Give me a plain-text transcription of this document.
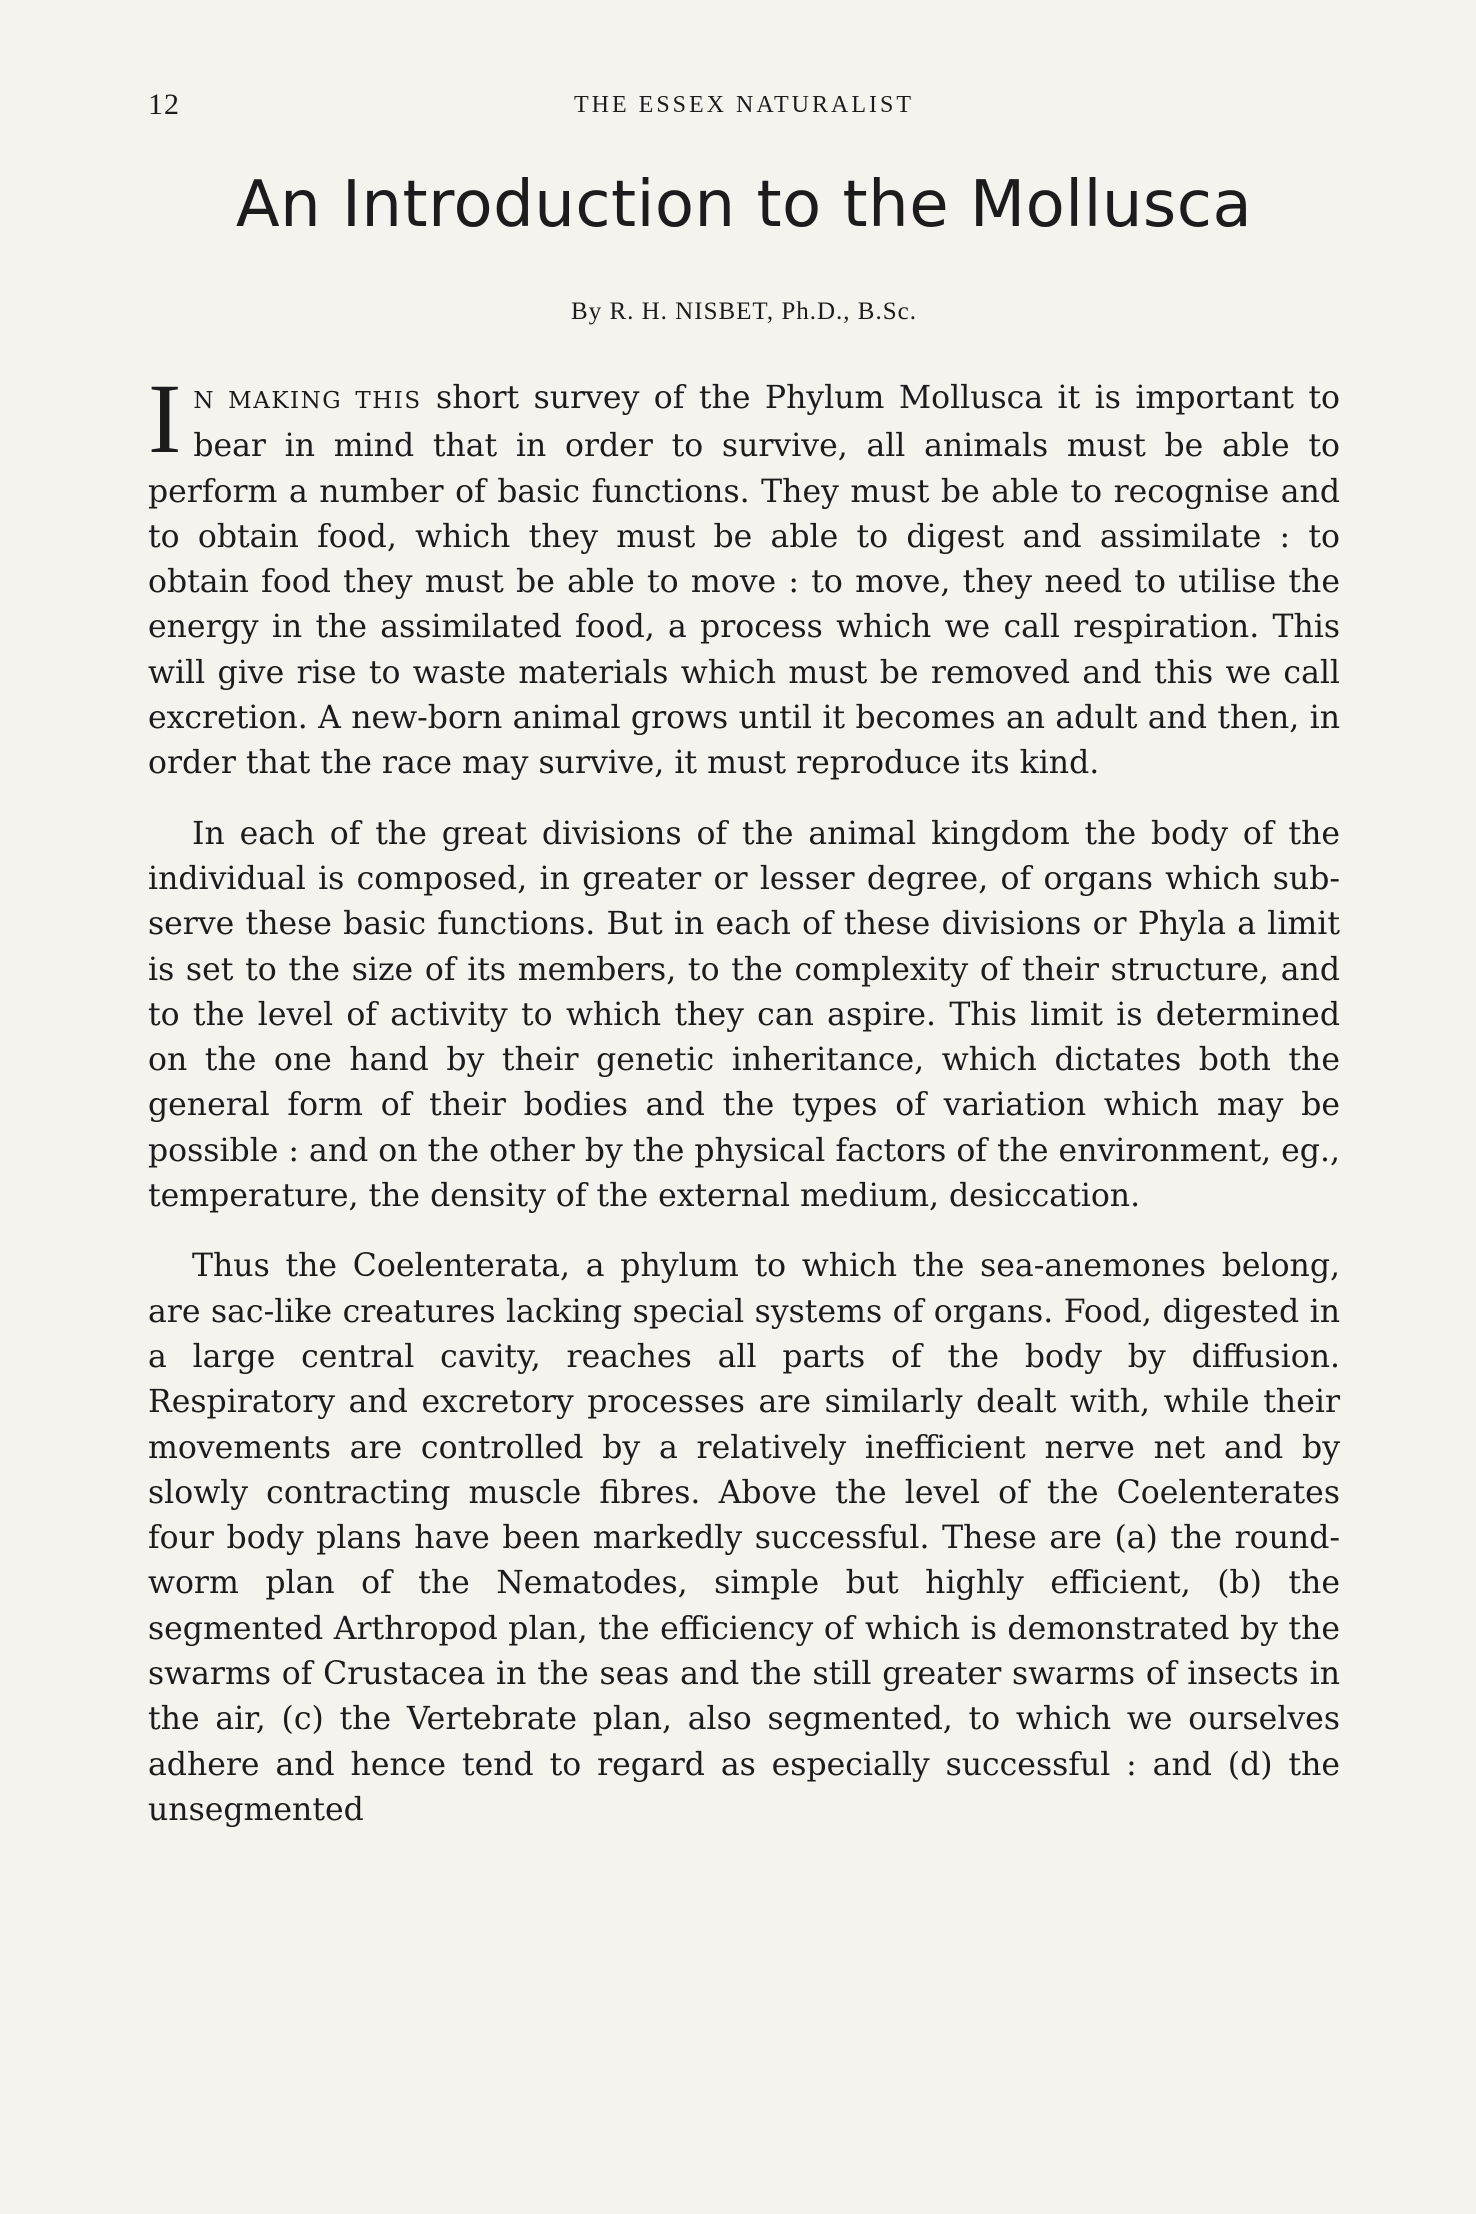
12	THE ESSEX NATURALIST
An Introduction to the Mollusca
By R. H. NISBET, Ph.D., B.Sc.

I N MAKING THIS short survey of the Phylum Mollusca it is important to bear in mind that in order to survive, all animals must be able to perform a number of basic functions. They must be able to recognise and to obtain food, which they must be able to digest and assimilate : to obtain food they must be able to move : to move, they need to utilise the energy in the assimilated food, a process which we call respiration. This will give rise to waste materials which must be removed and this we call excretion. A new-born animal grows until it becomes an adult and then, in order that the race may survive, it must reproduce its kind.

In each of the great divisions of the animal kingdom the body of the individual is composed, in greater or lesser degree, of organs which sub-serve these basic functions. But in each of these divisions or Phyla a limit is set to the size of its members, to the complexity of their structure, and to the level of activity to which they can aspire. This limit is determined on the one hand by their genetic inheritance, which dictates both the general form of their bodies and the types of variation which may be possible : and on the other by the physical factors of the environment, eg., temperature, the density of the external medium, desiccation.

Thus the Coelenterata, a phylum to which the sea-anemones belong, are sac-like creatures lacking special systems of organs. Food, digested in a large central cavity, reaches all parts of the body by diffusion. Respiratory and excretory processes are similarly dealt with, while their movements are controlled by a relatively inefficient nerve net and by slowly contracting muscle fibres. Above the level of the Coelenterates four body plans have been markedly successful. These are (a) the round-worm plan of the Nematodes, simple but highly efficient, (b) the segmented Arthropod plan, the efficiency of which is demonstrated by the swarms of Crustacea in the seas and the still greater swarms of insects in the air, (c) the Vertebrate plan, also segmented, to which we ourselves adhere and hence tend to regard as especially successful : and (d) the unsegmented
